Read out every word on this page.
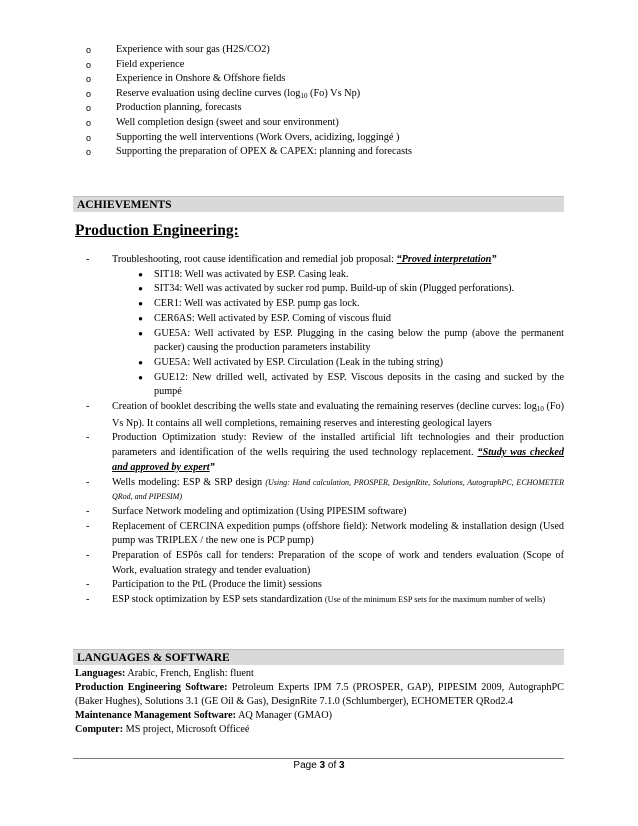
o	Experience with sour gas (H2S/CO2)
o	Field experience
o	Experience in Onshore & Offshore fields
o	Reserve evaluation using decline curves (log10 (Fo) Vs Np)
o	Production planning, forecasts
o	Well completion design (sweet and sour environment)
o	Supporting the well interventions (Work Overs, acidizing, loggingé )
o	Supporting the preparation of OPEX & CAPEX: planning and forecasts
ACHIEVEMENTS
Production Engineering:
-	Troubleshooting, root cause identification and remedial job proposal: “Proved interpretation”
●	SIT18: Well was activated by ESP. Casing leak.
●	SIT34: Well was activated by sucker rod pump. Build-up of skin (Plugged perforations).
●	CER1: Well was activated by ESP. pump gas lock.
●	CER6AS: Well activated by ESP. Coming of viscous fluid
●	GUE5A: Well activated by ESP. Plugging in the casing below the pump (above the permanent packer) causing the production parameters instability
●	GUE5A: Well activated by ESP. Circulation (Leak in the tubing string)
●	GUE12: New drilled well, activated by ESP. Viscous deposits in the casing and sucked by the pumpé
-	Creation of booklet describing the wells state and evaluating the remaining reserves (decline curves: log10 (Fo) Vs Np). It contains all well completions, remaining reserves and interesting geological layers
-	Production Optimization study: Review of the installed artificial lift technologies and their production parameters and identification of the wells requiring the used technology replacement. “Study was checked and approved by expert”
-	Wells modeling: ESP & SRP design (Using: Hand calculation, PROSPER, DesignRite, Solutions, AutographPC, ECHOMETER QRod, and PIPESIM)
-	Surface Network modeling and optimization (Using PIPESIM software)
-	Replacement of CERCINA expedition pumps (offshore field): Network modeling & installation design (Used pump was TRIPLEX / the new one is PCP pump)
-	Preparation of ESPôs call for tenders: Preparation of the scope of work and tenders evaluation (Scope of Work, evaluation strategy and tender evaluation)
-	Participation to the PtL (Produce the limit) sessions
-	ESP stock optimization by ESP sets standardization (Use of the minimum ESP sets for the maximum number of wells)
LANGUAGES & SOFTWARE
Languages: Arabic, French, English: fluent
Production Engineering Software: Petroleum Experts IPM 7.5 (PROSPER, GAP), PIPESIM 2009, AutographPC (Baker Hughes), Solutions 3.1 (GE Oil & Gas), DesignRite 7.1.0 (Schlumberger), ECHOMETER QRod2.4
Maintenance Management Software: AQ Manager (GMAO)
Computer: MS project, Microsoft Officeé
Page 3 of 3
